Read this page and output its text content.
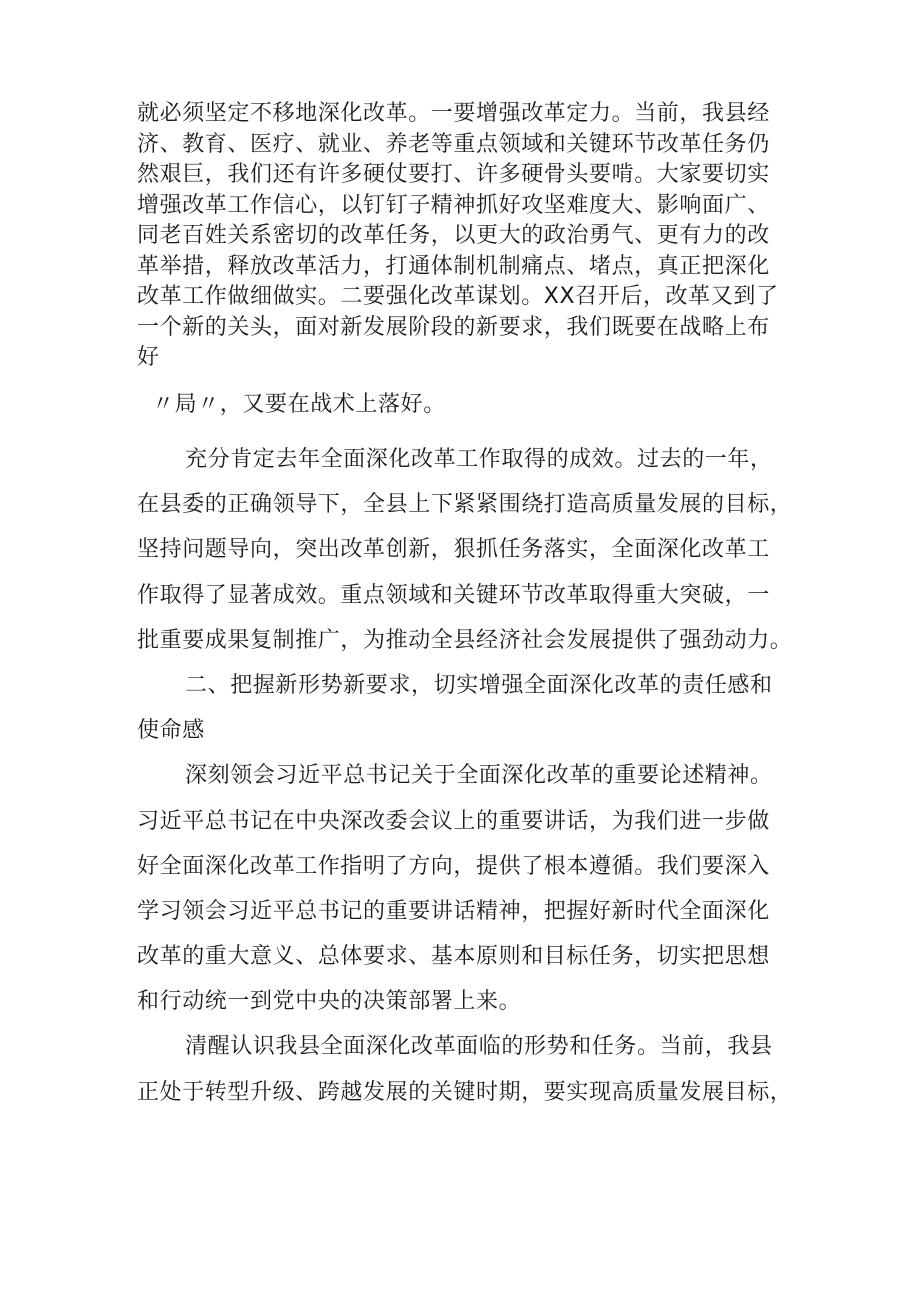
就必须坚定不移地深化改革。一要增强改革定力。当前，我县经
济、教育、医疗、就业、养老等重点领域和关键环节改革任务仍
然艰巨，我们还有许多硬仗要打、许多硬骨头要啃。大家要切实
增强改革工作信心，以钉钉子精神抓好攻坚难度大、影响面广、
同老百姓关系密切的改革任务，以更大的政治勇气、更有力的改
革举措，释放改革活力，打通体制机制痛点、堵点，真正把深化
改革工作做细做实。二要强化改革谋划。XX召开后，改革又到了
一个新的关头，面对新发展阶段的新要求，我们既要在战略上布
好
〃局〃，又要在战术上落好。
充分肯定去年全面深化改革工作取得的成效。过去的一年，
在县委的正确领导下，全县上下紧紧围绕打造高质量发展的目标，
坚持问题导向，突出改革创新，狠抓任务落实，全面深化改革工
作取得了显著成效。重点领域和关键环节改革取得重大突破，一
批重要成果复制推广，为推动全县经济社会发展提供了强劲动力。
二、把握新形势新要求，切实增强全面深化改革的责任感和
使命感
深刻领会习近平总书记关于全面深化改革的重要论述精神。
习近平总书记在中央深改委会议上的重要讲话，为我们进一步做
好全面深化改革工作指明了方向，提供了根本遵循。我们要深入
学习领会习近平总书记的重要讲话精神，把握好新时代全面深化
改革的重大意义、总体要求、基本原则和目标任务，切实把思想
和行动统一到党中央的决策部署上来。
清醒认识我县全面深化改革面临的形势和任务。当前，我县
正处于转型升级、跨越发展的关键时期，要实现高质量发展目标，
